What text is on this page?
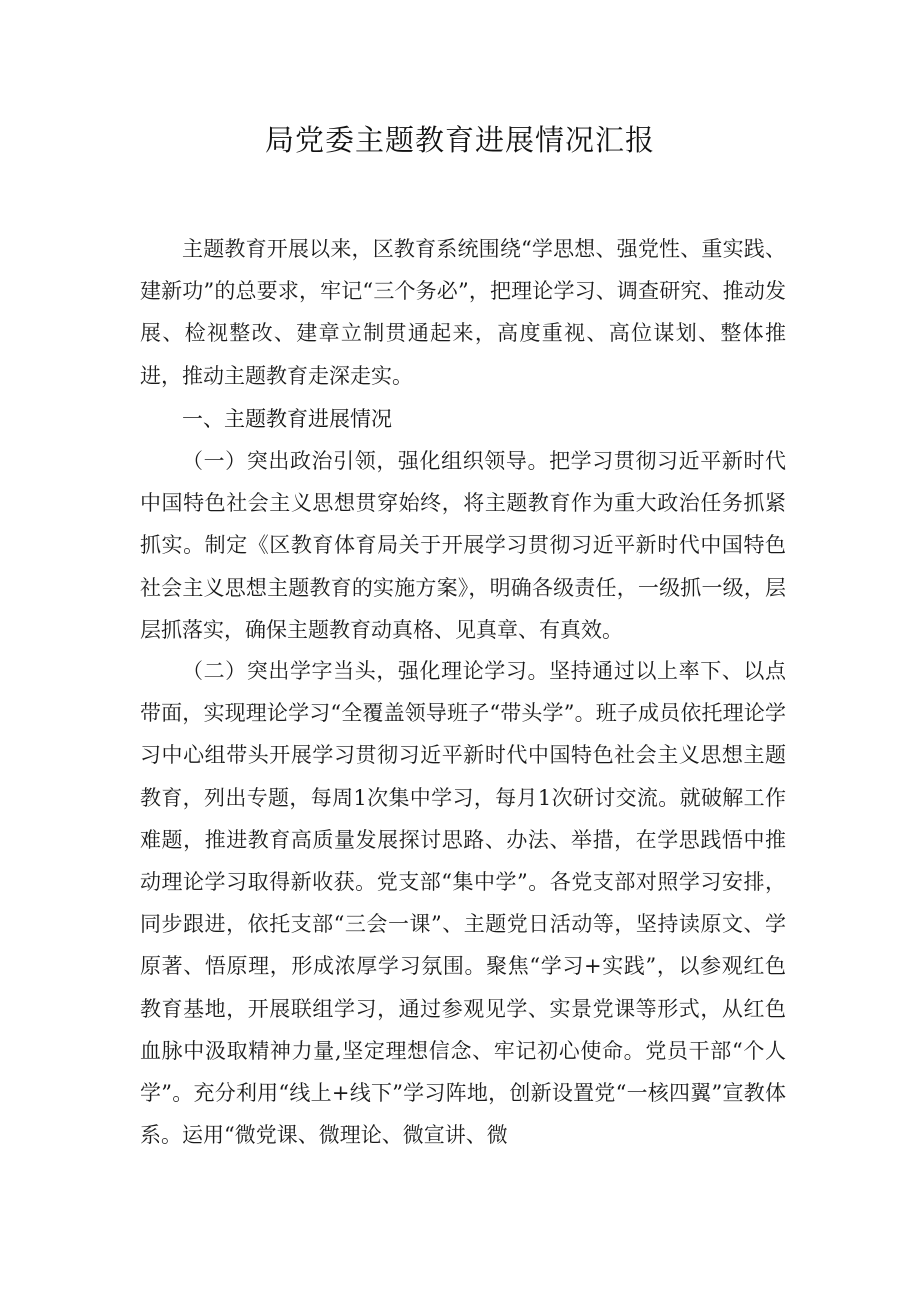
局党委主题教育进展情况汇报

主题教育开展以来，区教育系统围绕“学思想、强党性、重实践、建新功”的总要求，牢记“三个务必”，把理论学习、调查研究、推动发展、检视整改、建章立制贯通起来，高度重视、高位谋划、整体推进，推动主题教育走深走实。

一、主题教育进展情况

（一）突出政治引领，强化组织领导。把学习贯彻习近平新时代中国特色社会主义思想贯穿始终，将主题教育作为重大政治任务抓紧抓实。制定《区教育体育局关于开展学习贯彻习近平新时代中国特色社会主义思想主题教育的实施方案》，明确各级责任，一级抓一级，层层抓落实，确保主题教育动真格、见真章、有真效。

（二）突出学字当头，强化理论学习。坚持通过以上率下、以点带面，实现理论学习“全覆盖领导班子“带头学”。班子成员依托理论学习中心组带头开展学习贯彻习近平新时代中国特色社会主义思想主题教育，列出专题，每周1次集中学习，每月1次研讨交流。就破解工作难题，推进教育高质量发展探讨思路、办法、举措，在学思践悟中推动理论学习取得新收获。党支部“集中学”。各党支部对照学习安排，同步跟进，依托支部“三会一课”、主题党日活动等，坚持读原文、学原著、悟原理，形成浓厚学习氛围。聚焦“学习+实践”，以参观红色教育基地，开展联组学习，通过参观见学、实景党课等形式，从红色血脉中汲取精神力量,坚定理想信念、牢记初心使命。党员干部“个人学”。充分利用“线上+线下”学习阵地，创新设置党“一核四翼”宣教体系。运用“微党课、微理论、微宣讲、微
